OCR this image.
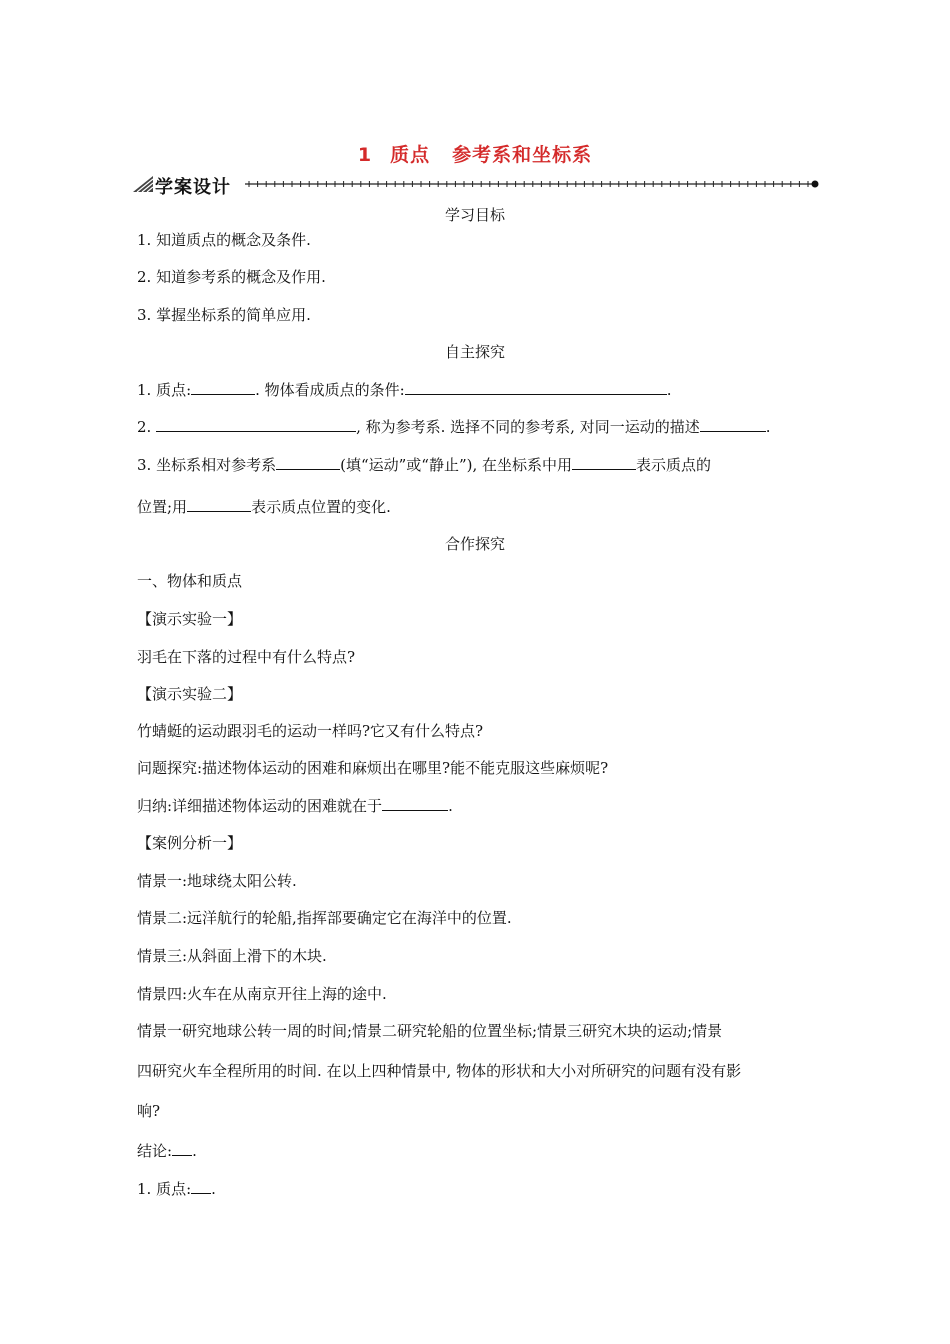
1 质点 参考系和坐标系
学案设计
学习目标
1. 知道质点的概念及条件.
2. 知道参考系的概念及作用.
3. 掌握坐标系的简单应用.
自主探究
1. 质点:	. 物体看成质点的条件:	.
2.	, 称为参考系. 选择不同的参考系, 对同一运动的描述	.
3. 坐标系相对参考系	(填“运动”或“静止”), 在坐标系中用	表示质点的
位置;用	表示质点位置的变化.
合作探究
一、物体和质点
【演示实验一】
羽毛在下落的过程中有什么特点?
【演示实验二】
竹蜻蜓的运动跟羽毛的运动一样吗?它又有什么特点?
问题探究:描述物体运动的困难和麻烦出在哪里?能不能克服这些麻烦呢?
归纳:详细描述物体运动的困难就在于	.
【案例分析一】
情景一:地球绕太阳公转.
情景二:远洋航行的轮船,指挥部要确定它在海洋中的位置.
情景三:从斜面上滑下的木块.
情景四:火车在从南京开往上海的途中.
情景一研究地球公转一周的时间;情景二研究轮船的位置坐标;情景三研究木块的运动;情景
四研究火车全程所用的时间. 在以上四种情景中, 物体的形状和大小对所研究的问题有没有影
响?
结论: .
1. 质点: .
